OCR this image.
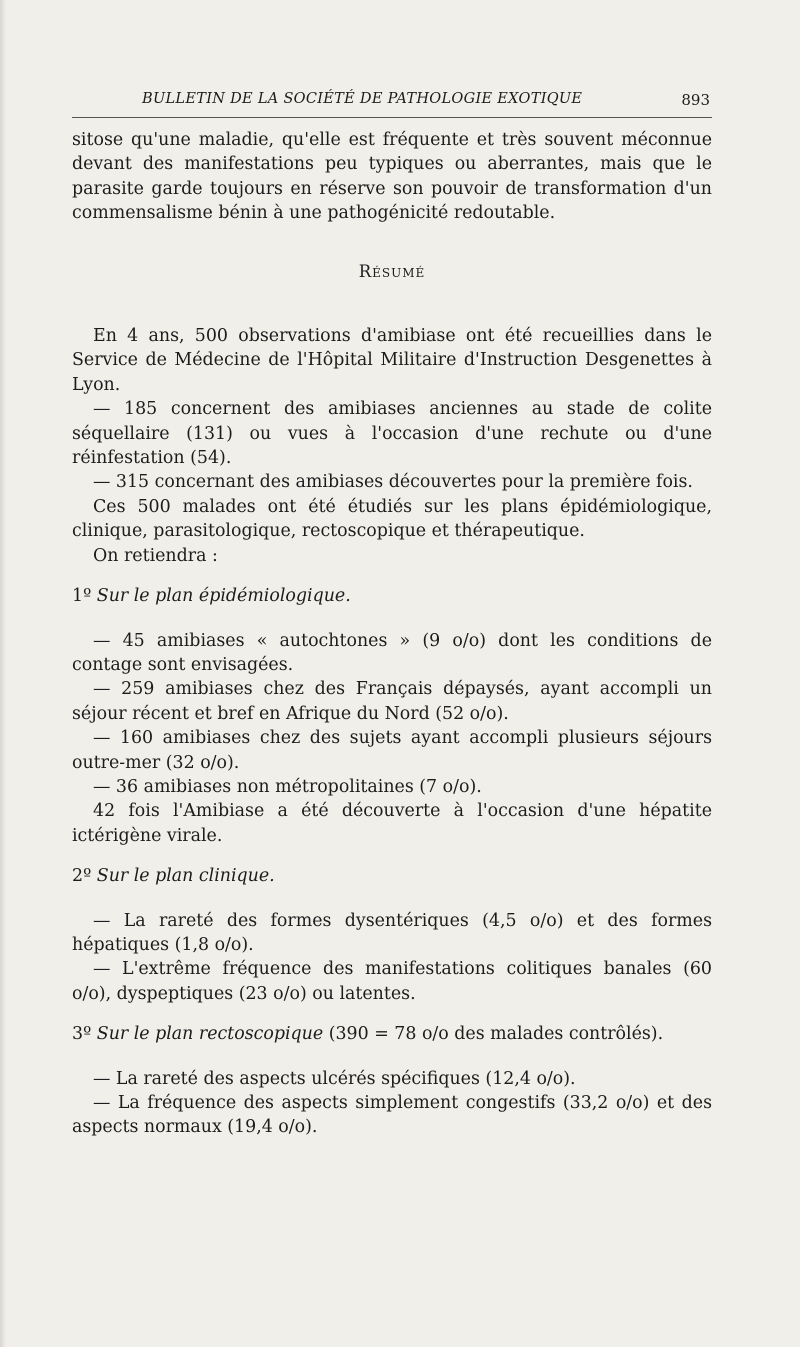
BULLETIN DE LA SOCIÉTÉ DE PATHOLOGIE EXOTIQUE	893

sitose qu'une maladie, qu'elle est fréquente et très souvent méconnue devant des manifestations peu typiques ou aberrantes, mais que le parasite garde toujours en réserve son pouvoir de transformation d'un commensalisme bénin à une pathogénicité redoutable.

Résumé

En 4 ans, 500 observations d'amibiase ont été recueillies dans le Service de Médecine de l'Hôpital Militaire d'Instruction Desgenettes à Lyon.

— 185 concernent des amibiases anciennes au stade de colite séquellaire (131) ou vues à l'occasion d'une rechute ou d'une réinfestation (54).

— 315 concernant des amibiases découvertes pour la première fois.

Ces 500 malades ont été étudiés sur les plans épidémiologique, clinique, parasitologique, rectoscopique et thérapeutique.

On retiendra :

1º Sur le plan épidémiologique.

— 45 amibiases « autochtones » (9 o/o) dont les conditions de contage sont envisagées.

— 259 amibiases chez des Français dépaysés, ayant accompli un séjour récent et bref en Afrique du Nord (52 o/o).

— 160 amibiases chez des sujets ayant accompli plusieurs séjours outre-mer (32 o/o).

— 36 amibiases non métropolitaines (7 o/o).

42 fois l'Amibiase a été découverte à l'occasion d'une hépatite ictérigène virale.

2º Sur le plan clinique.

— La rareté des formes dysentériques (4,5 o/o) et des formes hépatiques (1,8 o/o).

— L'extrême fréquence des manifestations colitiques banales (60 o/o), dyspeptiques (23 o/o) ou latentes.

3º Sur le plan rectoscopique (390 = 78 o/o des malades contrôlés).

— La rareté des aspects ulcérés spécifiques (12,4 o/o).

— La fréquence des aspects simplement congestifs (33,2 o/o) et des aspects normaux (19,4 o/o).
